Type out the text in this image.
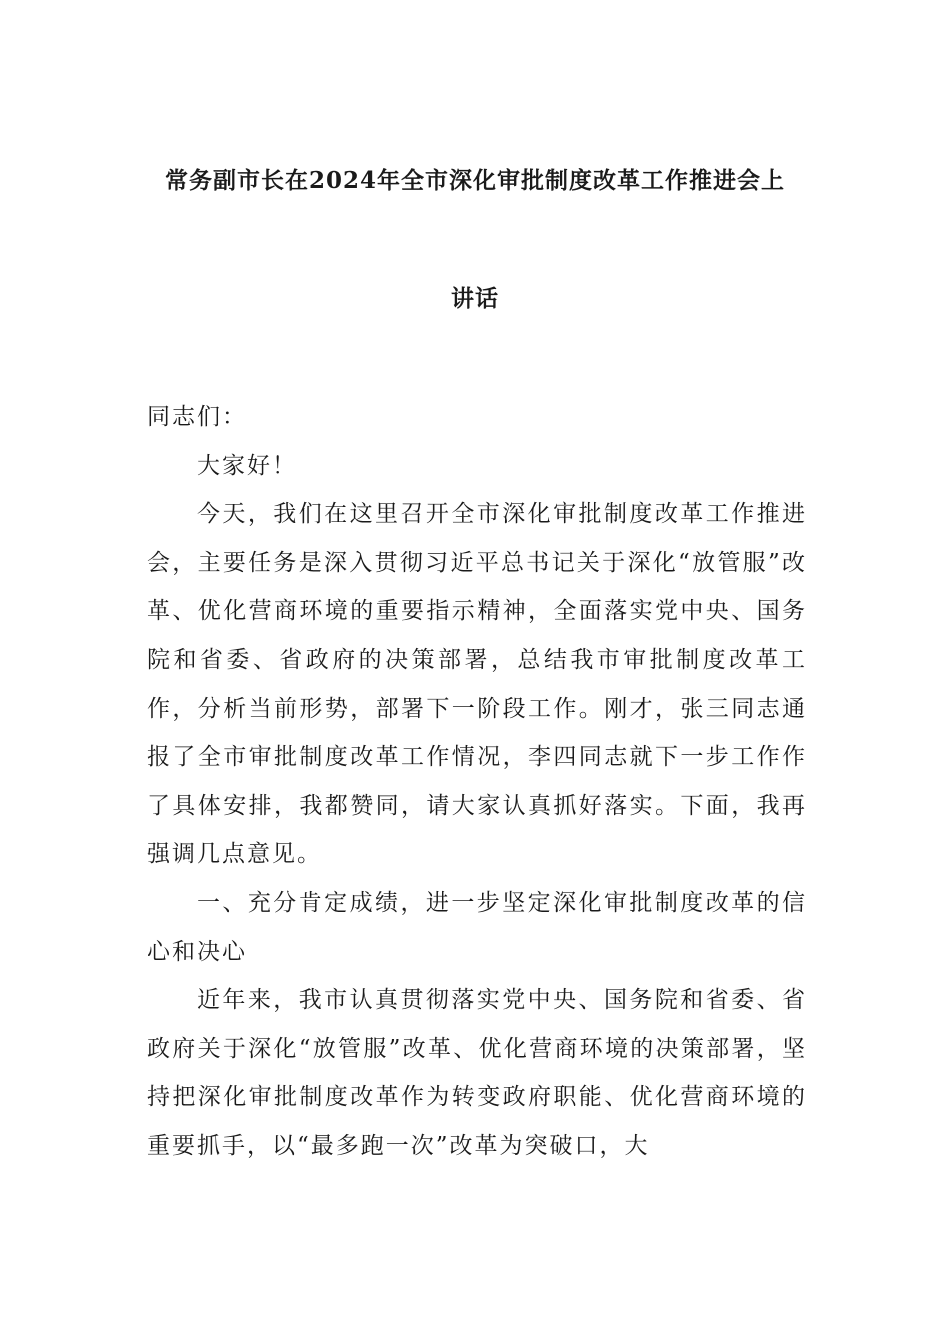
常务副市长在2024年全市深化审批制度改革工作推进会上
讲话

同志们：

大家好！

今天，我们在这里召开全市深化审批制度改革工作推进会，主要任务是深入贯彻习近平总书记关于深化“放管服”改革、优化营商环境的重要指示精神，全面落实党中央、国务院和省委、省政府的决策部署，总结我市审批制度改革工作，分析当前形势，部署下一阶段工作。刚才，张三同志通报了全市审批制度改革工作情况，李四同志就下一步工作作了具体安排，我都赞同，请大家认真抓好落实。下面，我再强调几点意见。

一、充分肯定成绩，进一步坚定深化审批制度改革的信心和决心

近年来，我市认真贯彻落实党中央、国务院和省委、省政府关于深化“放管服”改革、优化营商环境的决策部署，坚持把深化审批制度改革作为转变政府职能、优化营商环境的重要抓手，以“最多跑一次”改革为突破口，大
